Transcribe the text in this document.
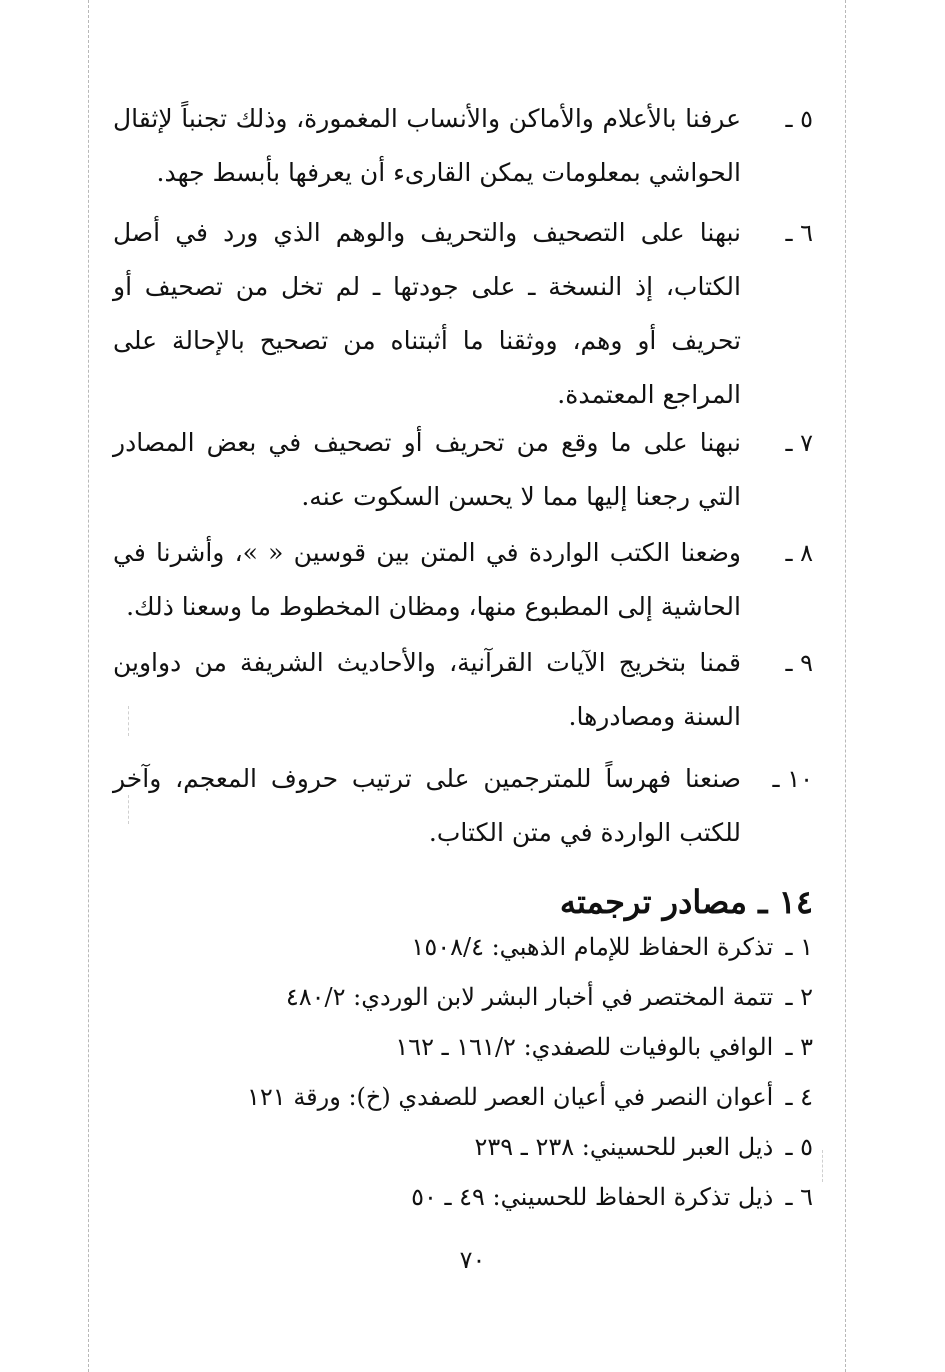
٥ ـ
عرفنا بالأعلام والأماكن والأنساب المغمورة، وذلك تجنباً لإثقال الحواشي بمعلومات يمكن القارىء أن يعرفها بأبسط جهد.
٦ ـ
نبهنا على التصحيف والتحريف والوهم الذي ورد في أصل الكتاب، إذ النسخة ـ على جودتها ـ لم تخل من تصحيف أو تحريف أو وهم، ووثقنا ما أثبتناه من تصحيح بالإحالة على المراجع المعتمدة.
٧ ـ
نبهنا على ما وقع من تحريف أو تصحيف في بعض المصادر التي رجعنا إليها مما لا يحسن السكوت عنه.
٨ ـ
وضعنا الكتب الواردة في المتن بين قوسين « »، وأشرنا في الحاشية إلى المطبوع منها، ومظان المخطوط ما وسعنا ذلك.
٩ ـ
قمنا بتخريج الآيات القرآنية، والأحاديث الشريفة من دواوين السنة ومصادرها.
١٠ ـ
صنعنا فهرساً للمترجمين على ترتيب حروف المعجم، وآخر للكتب الواردة في متن الكتاب.
١٤ ـ مصادر ترجمته
١ ـ تذكرة الحفاظ للإمام الذهبي: ١٥٠٨/٤
٢ ـ تتمة المختصر في أخبار البشر لابن الوردي: ٤٨٠/٢
٣ ـ الوافي بالوفيات للصفدي: ١٦١/٢ ـ ١٦٢
٤ ـ أعوان النصر في أعيان العصر للصفدي (خ): ورقة ١٢١
٥ ـ ذيل العبر للحسيني: ٢٣٨ ـ ٢٣٩
٦ ـ ذيل تذكرة الحفاظ للحسيني: ٤٩ ـ ٥٠
٧٠
